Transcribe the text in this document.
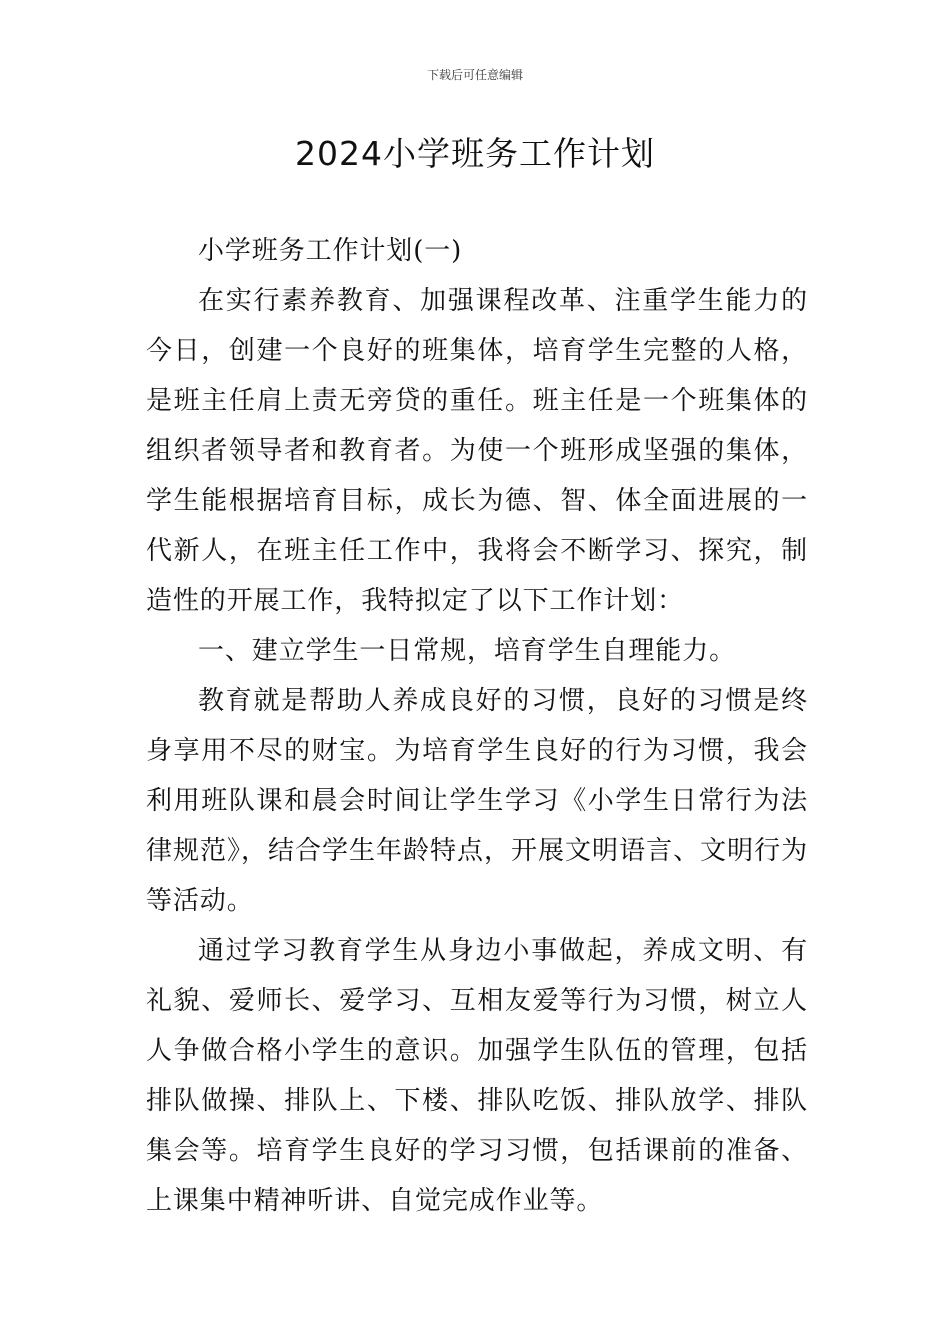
下载后可任意编辑
2024小学班务工作计划

小学班务工作计划(一)

在实行素养教育、加强课程改革、注重学生能力的今日，创建一个良好的班集体，培育学生完整的人格，是班主任肩上责无旁贷的重任。班主任是一个班集体的组织者领导者和教育者。为使一个班形成坚强的集体，学生能根据培育目标，成长为德、智、体全面进展的一代新人，在班主任工作中，我将会不断学习、探究，制造性的开展工作，我特拟定了以下工作计划：

一、建立学生一日常规，培育学生自理能力。

教育就是帮助人养成良好的习惯，良好的习惯是终身享用不尽的财宝。为培育学生良好的行为习惯，我会利用班队课和晨会时间让学生学习《小学生日常行为法律规范》，结合学生年龄特点，开展文明语言、文明行为等活动。

通过学习教育学生从身边小事做起，养成文明、有礼貌、爱师长、爱学习、互相友爱等行为习惯，树立人人争做合格小学生的意识。加强学生队伍的管理，包括排队做操、排队上、下楼、排队吃饭、排队放学、排队集会等。培育学生良好的学习习惯，包括课前的准备、上课集中精神听讲、自觉完成作业等。
